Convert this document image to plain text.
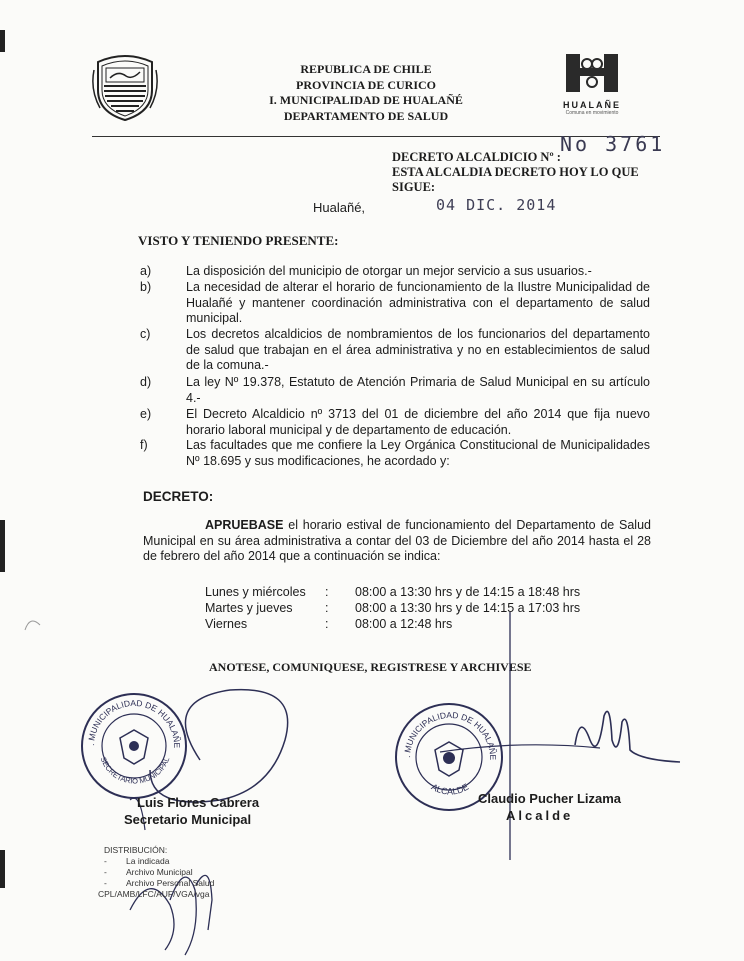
REPUBLICA DE CHILE
PROVINCIA DE CURICO
I. MUNICIPALIDAD DE HUALAÑÉ
DEPARTAMENTO DE SALUD
HUALAÑE
Comuna en movimiento
DECRETO ALCALDICIO Nº :
No 3761
ESTA ALCALDIA DECRETO HOY LO QUE SIGUE:
Hualañé,	04 DIC. 2014
VISTO Y TENIENDO PRESENTE:
a)	La disposición del municipio de otorgar un mejor servicio a sus usuarios.-
b)	La necesidad de alterar el horario de funcionamiento de la Ilustre Municipalidad de Hualañé y mantener coordinación administrativa con el departamento de salud municipal.
c)	Los decretos alcaldicios de nombramientos de los funcionarios del departamento de salud que trabajan en el área administrativa y no en establecimientos de salud de la comuna.-
d)	La ley Nº 19.378, Estatuto de Atención Primaria de Salud Municipal en su artículo 4.-
e)	El Decreto Alcaldicio nº 3713 del 01 de diciembre del año 2014 que fija nuevo horario laboral municipal y de departamento de educación.
f)	Las facultades que me confiere la Ley Orgánica Constitucional de Municipalidades Nº 18.695 y sus modificaciones, he acordado y:
DECRETO:
APRUEBASE el horario estival de funcionamiento del Departamento de Salud Municipal en su área administrativa a contar del 03 de Diciembre del año 2014 hasta el 28 de febrero del año 2014 que a continuación se indica:
Lunes y miércoles	: 08:00 a 13:30 hrs y de 14:15 a 18:48 hrs
Martes y jueves	: 08:00 a 13:30 hrs y de 14:15 a 17:03 hrs
Viernes	: 08:00 a 12:48 hrs
ANOTESE, COMUNIQUESE, REGISTRESE Y ARCHIVESE
. MUNICIPALIDAD DE HUALAÑE
SECRETARIO MUNICIPAL	. MUNICIPALIDAD DE HUALAÑE
ALCALDE
Luis Flores Cabrera
Secretario Municipal
Claudio Pucher Lizama
Alcalde
DISTRIBUCIÓN:
- La indicada
- Archivo Municipal
- Archivo Personal Salud
CPL/AMB/LFC/AUF/VGA/vga
